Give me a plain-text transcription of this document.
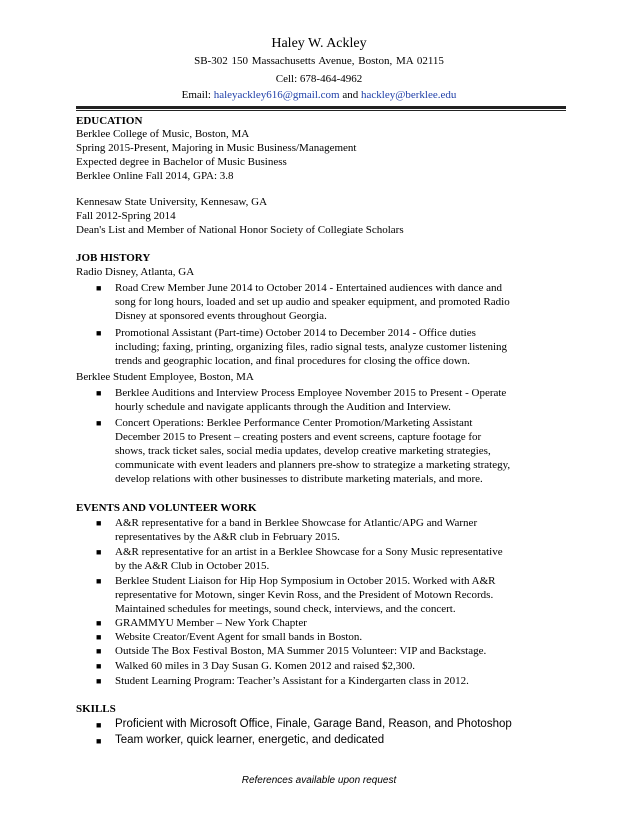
Haley W. Ackley
SB-302 150 Massachusetts Avenue, Boston, MA 02115
Cell: 678-464-4962
Email: haleyackley616@gmail.com and hackley@berklee.edu
EDUCATION
Berklee College of Music, Boston, MA
Spring 2015-Present, Majoring in Music Business/Management
Expected degree in Bachelor of Music Business
Berklee Online Fall 2014, GPA: 3.8
Kennesaw State University, Kennesaw, GA
Fall 2012-Spring 2014
Dean's List and Member of National Honor Society of Collegiate Scholars
JOB HISTORY
Radio Disney, Atlanta, GA
■ Road Crew Member June 2014 to October 2014 - Entertained audiences with dance and
song for long hours, loaded and set up audio and speaker equipment, and promoted Radio
Disney at sponsored events throughout Georgia.
■ Promotional Assistant (Part-time) October 2014 to December 2014 - Office duties
including; faxing, printing, organizing files, radio signal tests, analyze customer listening
trends and geographic location, and final procedures for closing the office down.
Berklee Student Employee, Boston, MA
■ Berklee Auditions and Interview Process Employee November 2015 to Present - Operate
hourly schedule and navigate applicants through the Audition and Interview.
■ Concert Operations: Berklee Performance Center Promotion/Marketing Assistant
December 2015 to Present – creating posters and event screens, capture footage for
shows, track ticket sales, social media updates, develop creative marketing strategies,
communicate with event leaders and planners pre-show to strategize a marketing strategy,
develop relations with other businesses to distribute marketing materials, and more.
EVENTS AND VOLUNTEER WORK
■ A&R representative for a band in Berklee Showcase for Atlantic/APG and Warner
representatives by the A&R club in February 2015.
■ A&R representative for an artist in a Berklee Showcase for a Sony Music representative
by the A&R Club in October 2015.
■ Berklee Student Liaison for Hip Hop Symposium in October 2015. Worked with A&R
representative for Motown, singer Kevin Ross, and the President of Motown Records.
Maintained schedules for meetings, sound check, interviews, and the concert.
■ GRAMMYU Member – New York Chapter
■ Website Creator/Event Agent for small bands in Boston.
■ Outside The Box Festival Boston, MA Summer 2015 Volunteer: VIP and Backstage.
■ Walked 60 miles in 3 Day Susan G. Komen 2012 and raised $2,300.
■ Student Learning Program: Teacher’s Assistant for a Kindergarten class in 2012.
SKILLS
■ Proficient with Microsoft Office, Finale, Garage Band, Reason, and Photoshop
■ Team worker, quick learner, energetic, and dedicated
References available upon request
